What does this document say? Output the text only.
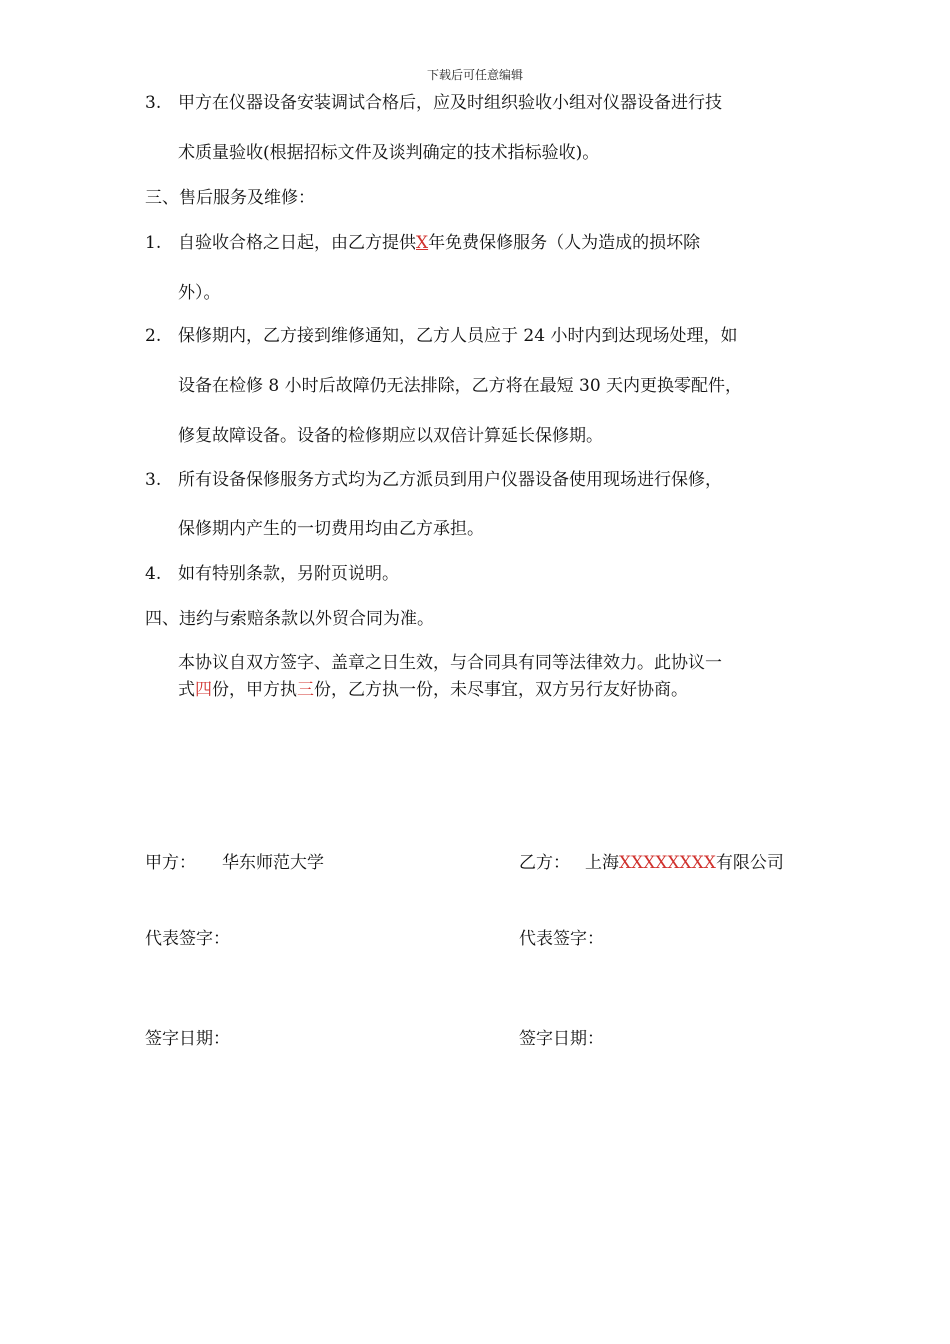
下载后可任意编辑
3. 甲方在仪器设备安装调试合格后，应及时组织验收小组对仪器设备进行技
术质量验收(根据招标文件及谈判确定的技术指标验收)。
三、售后服务及维修：
1. 自验收合格之日起，由乙方提供X年免费保修服务（人为造成的损坏除
外）。
2. 保修期内，乙方接到维修通知，乙方人员应于 24 小时内到达现场处理，如
设备在检修 8 小时后故障仍无法排除，乙方将在最短 30 天内更换零配件，
修复故障设备。设备的检修期应以双倍计算延长保修期。
3. 所有设备保修服务方式均为乙方派员到用户仪器设备使用现场进行保修，
保修期内产生的一切费用均由乙方承担。
4. 如有特别条款，另附页说明。
四、违约与索赔条款以外贸合同为准。
本协议自双方签字、盖章之日生效，与合同具有同等法律效力。此协议一
式四份，甲方执三份，乙方执一份，未尽事宜，双方另行友好协商。
甲方： 华东师范大学	乙方： 上海XXXXXXXX有限公司
代表签字：	代表签字：
签字日期：	签字日期：
